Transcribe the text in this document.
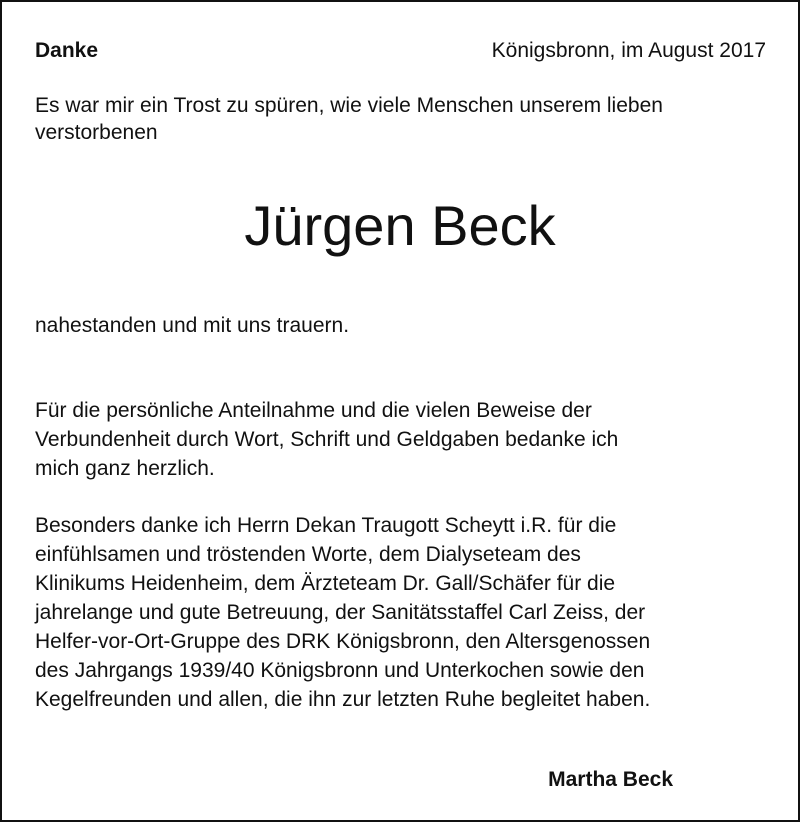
Danke	Königsbronn, im August 2017
Es war mir ein Trost zu spüren, wie viele Menschen unserem lieben
verstorbenen
Jürgen Beck
nahestanden und mit uns trauern.
Für die persönliche Anteilnahme und die vielen Beweise der
Verbundenheit durch Wort, Schrift und Geldgaben bedanke ich
mich ganz herzlich.
Besonders danke ich Herrn Dekan Traugott Scheytt i.R. für die
einfühlsamen und tröstenden Worte, dem Dialyseteam des
Klinikums Heidenheim, dem Ärzteteam Dr. Gall/Schäfer für die
jahrelange und gute Betreuung, der Sanitätsstaffel Carl Zeiss, der
Helfer-vor-Ort-Gruppe des DRK Königsbronn, den Altersgenossen
des Jahrgangs 1939/40 Königsbronn und Unterkochen sowie den
Kegelfreunden und allen, die ihn zur letzten Ruhe begleitet haben.
Martha Beck
